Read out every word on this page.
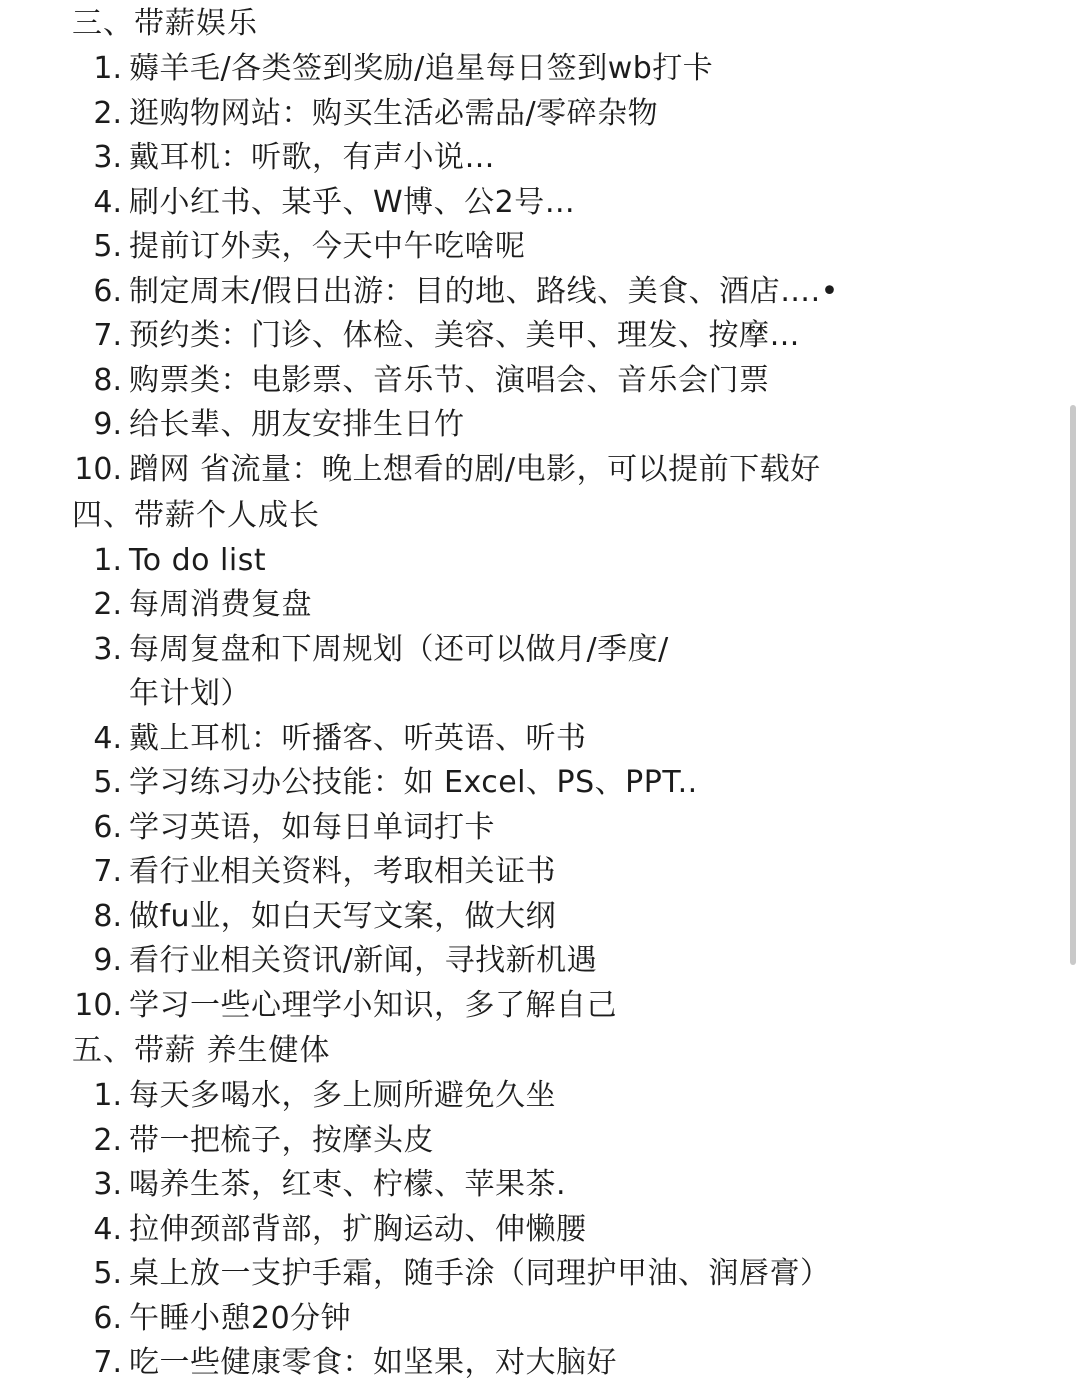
三、带薪娱乐
1. 薅羊毛/各类签到奖励/追星每日签到wb打卡
2. 逛购物网站：购买生活必需品/零碎杂物
3. 戴耳机：听歌，有声小说…
4. 刷小红书、某乎、W博、公2号…
5. 提前订外卖，今天中午吃啥呢
6. 制定周末/假日出游：目的地、路线、美食、酒店….•
7. 预约类：门诊、体检、美容、美甲、理发、按摩…
8. 购票类：电影票、音乐节、演唱会、音乐会门票
9. 给长辈、朋友安排生日竹
10. 蹭网 省流量：晚上想看的剧/电影，可以提前下载好
四、带薪个人成长
1. To do list
2. 每周消费复盘
3. 每周复盘和下周规划（还可以做月/季度/
年计划）
4. 戴上耳机：听播客、听英语、听书
5. 学习练习办公技能：如 Excel、PS、PPT..
6. 学习英语，如每日单词打卡
7. 看行业相关资料，考取相关证书
8. 做fu业，如白天写文案，做大纲
9. 看行业相关资讯/新闻，寻找新机遇
10. 学习一些心理学小知识，多了解自己
五、带薪 养生健体
1. 每天多喝水，多上厕所避免久坐
2. 带一把梳子，按摩头皮
3. 喝养生茶，红枣、柠檬、苹果茶.
4. 拉伸颈部背部，扩胸运动、伸懒腰
5. 桌上放一支护手霜，随手涂（同理护甲油、润唇膏）
6. 午睡小憩20分钟
7. 吃一些健康零食：如坚果，对大脑好
